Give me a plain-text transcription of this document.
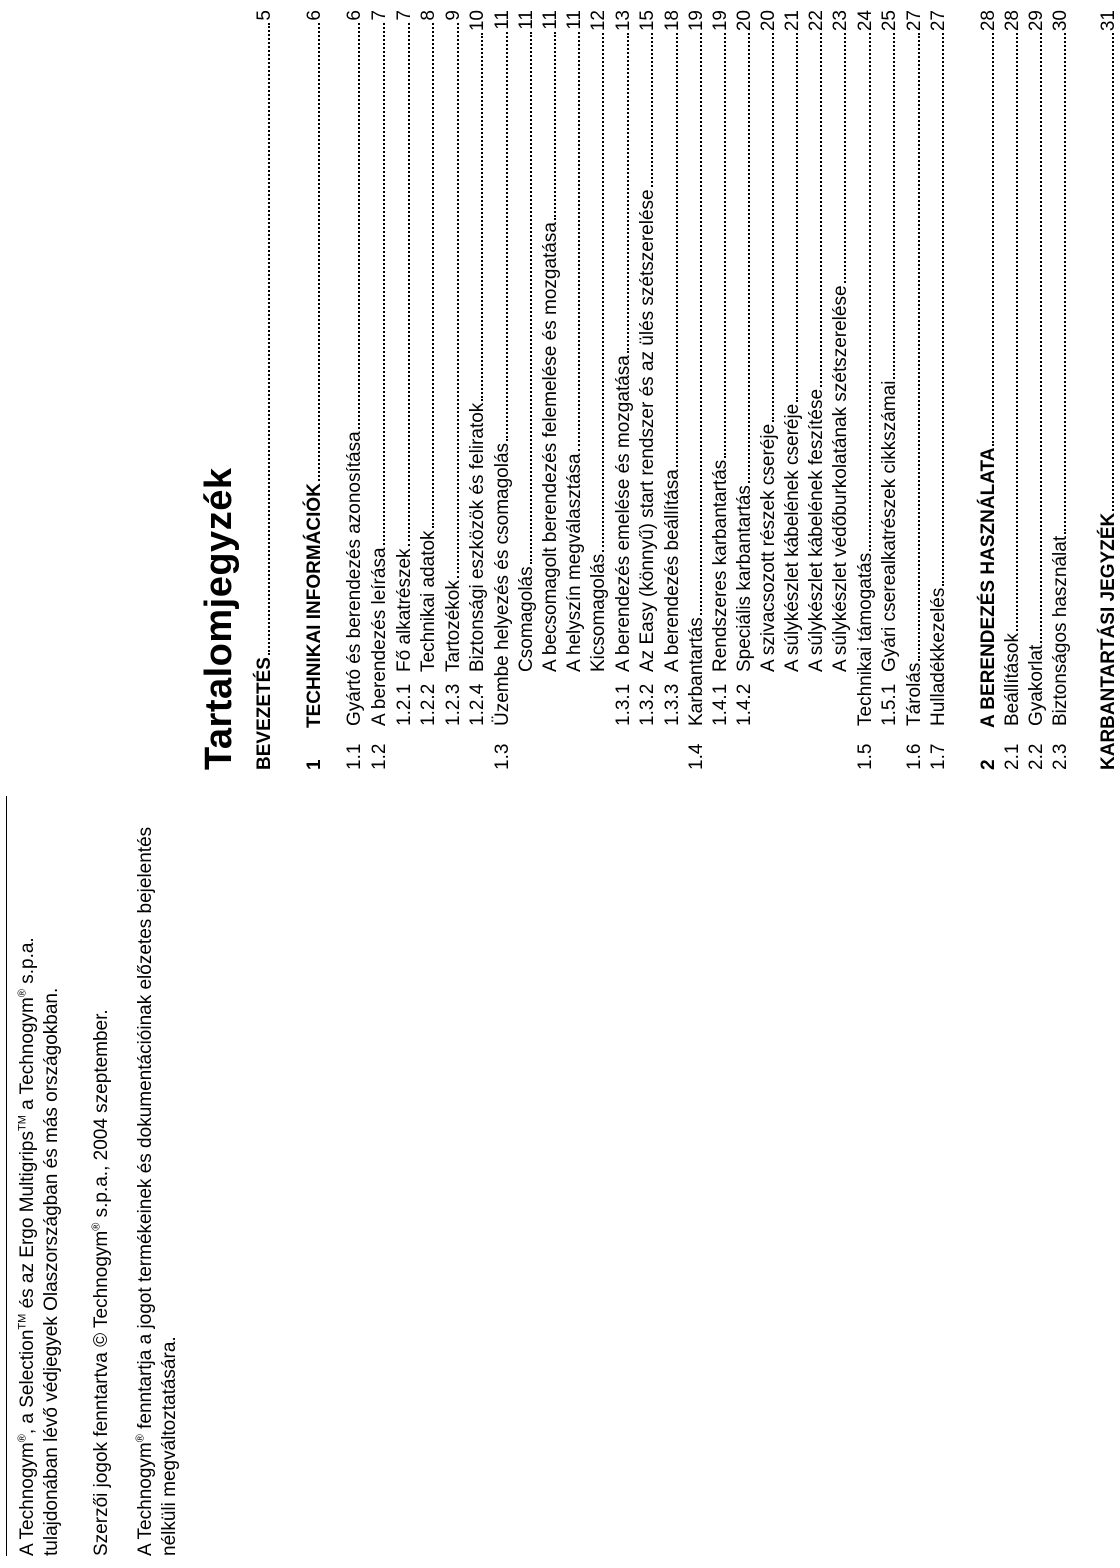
A Technogym®, a Selection™ és az Ergo Multigrips™ a Technogym® s.p.a. tulajdonában lévő védjegyek Olaszországban és más országokban. Szerzői jogok fenntartva © Technogym® s.p.a., 2004 szeptember.
A Technogym® fenntartja a jogot termékeinek és dokumentációinak előzetes bejelentés nélküli megváltoztatására.
Tartalomjegyzék BEVEZETÉS
5
1
TECHNIKAI INFORMÁCIÓK
6
1.1
Gyártó és berendezés azonosítása
6
1.2
A berendezés leírása
7
1.2.1
Fő alkatrészek
7
1.2.2
Technikai adatok
8
1.2.3
Tartozékok
9
1.2.4
Biztonsági eszközök és feliratok
10
1.3
Üzembe helyezés és csomagolás
11
Csomagolás
11
A becsomagolt berendezés felemelése és mozgatása
11
A helyszín megválasztása
11
Kicsomagolás
12
1.3.1
A berendezés emelése és mozgatása
13
1.3.2
Az Easy (könnyű) start rendszer és az ülés szétszerelése
15
1.3.3
A berendezés beállítása
18
1.4
Karbantartás
19
1.4.1
Rendszeres karbantartás
19
1.4.2
Speciális karbantartás
20
A szivacsozott részek cseréje
20
A súlykészlet kábelének cseréje
21
A súlykészlet kábelének feszítése
22
A súlykészlet védőburkolatának szétszerelése
23
1.5
Technikai támogatás
24
1.5.1
Gyári cserealkatrészek cikkszámai
25
1.6
Tárolás
27
1.7
Hulladékkezelés
27
2
A BERENDEZÉS HASZNÁLATA
28
2.1
Beállítások
28
2.2
Gyakorlat
29
2.3
Biztonságos használat
30
KARBANTARTÁSI JEGYZÉK
31
